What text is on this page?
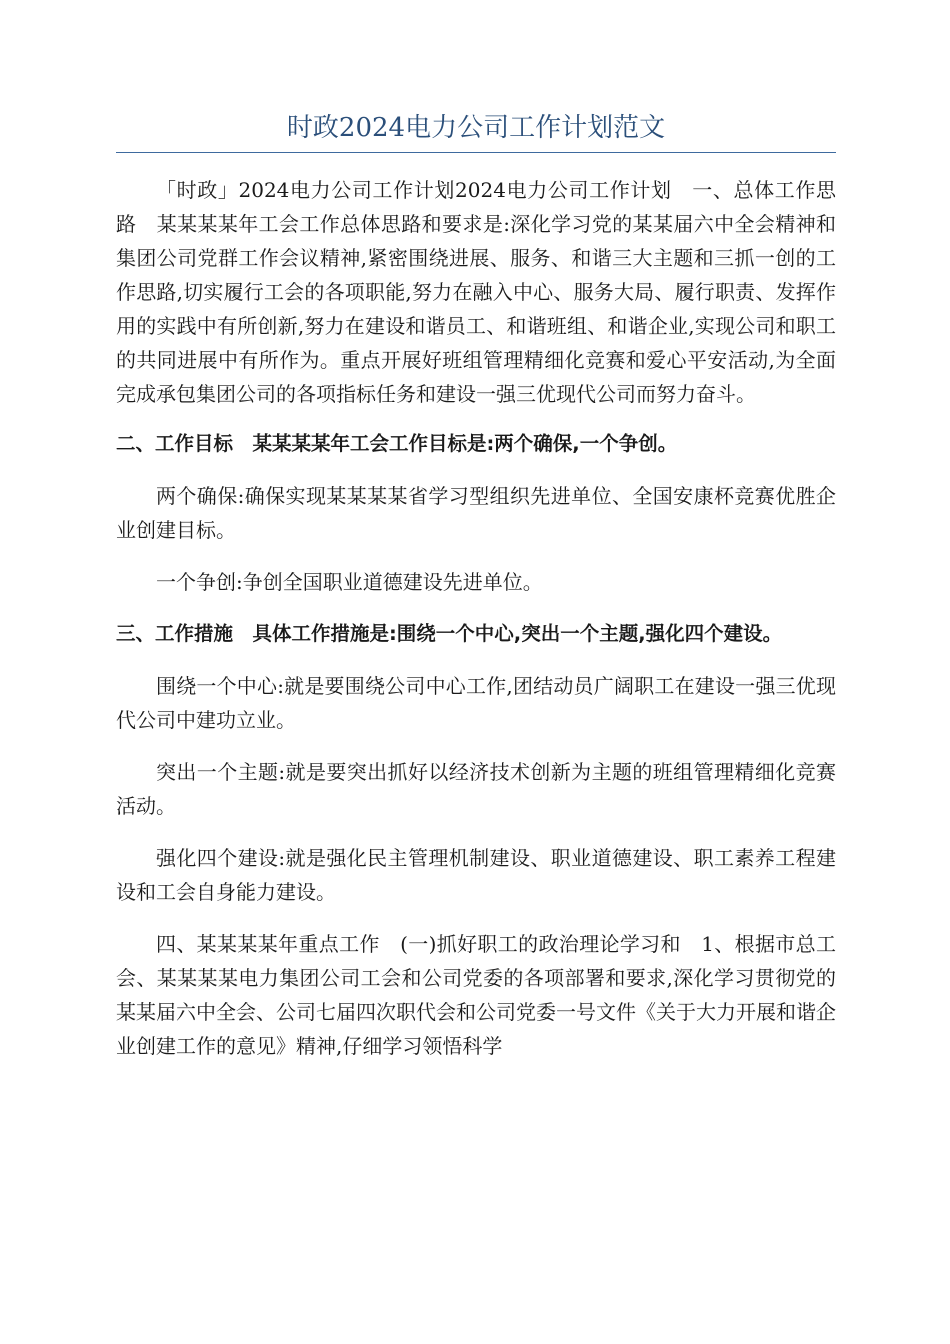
时政2024电力公司工作计划范文

「时政」2024电力公司工作计划2024电力公司工作计划　一、总体工作思路　某某某某年工会工作总体思路和要求是:深化学习党的某某届六中全会精神和集团公司党群工作会议精神,紧密围绕进展、服务、和谐三大主题和三抓一创的工作思路,切实履行工会的各项职能,努力在融入中心、服务大局、履行职责、发挥作用的实践中有所创新,努力在建设和谐员工、和谐班组、和谐企业,实现公司和职工的共同进展中有所作为。重点开展好班组管理精细化竞赛和爱心平安活动,为全面完成承包集团公司的各项指标任务和建设一强三优现代公司而努力奋斗。

二、工作目标　某某某某年工会工作目标是:两个确保,一个争创。

两个确保:确保实现某某某某省学习型组织先进单位、全国安康杯竞赛优胜企业创建目标。

一个争创:争创全国职业道德建设先进单位。

三、工作措施　具体工作措施是:围绕一个中心,突出一个主题,强化四个建设。

围绕一个中心:就是要围绕公司中心工作,团结动员广阔职工在建设一强三优现代公司中建功立业。

突出一个主题:就是要突出抓好以经济技术创新为主题的班组管理精细化竞赛活动。

强化四个建设:就是强化民主管理机制建设、职业道德建设、职工素养工程建设和工会自身能力建设。

四、某某某某年重点工作　(一)抓好职工的政治理论学习和　1、根据市总工会、某某某某电力集团公司工会和公司党委的各项部署和要求,深化学习贯彻党的某某届六中全会、公司七届四次职代会和公司党委一号文件《关于大力开展和谐企业创建工作的意见》精神,仔细学习领悟科学
